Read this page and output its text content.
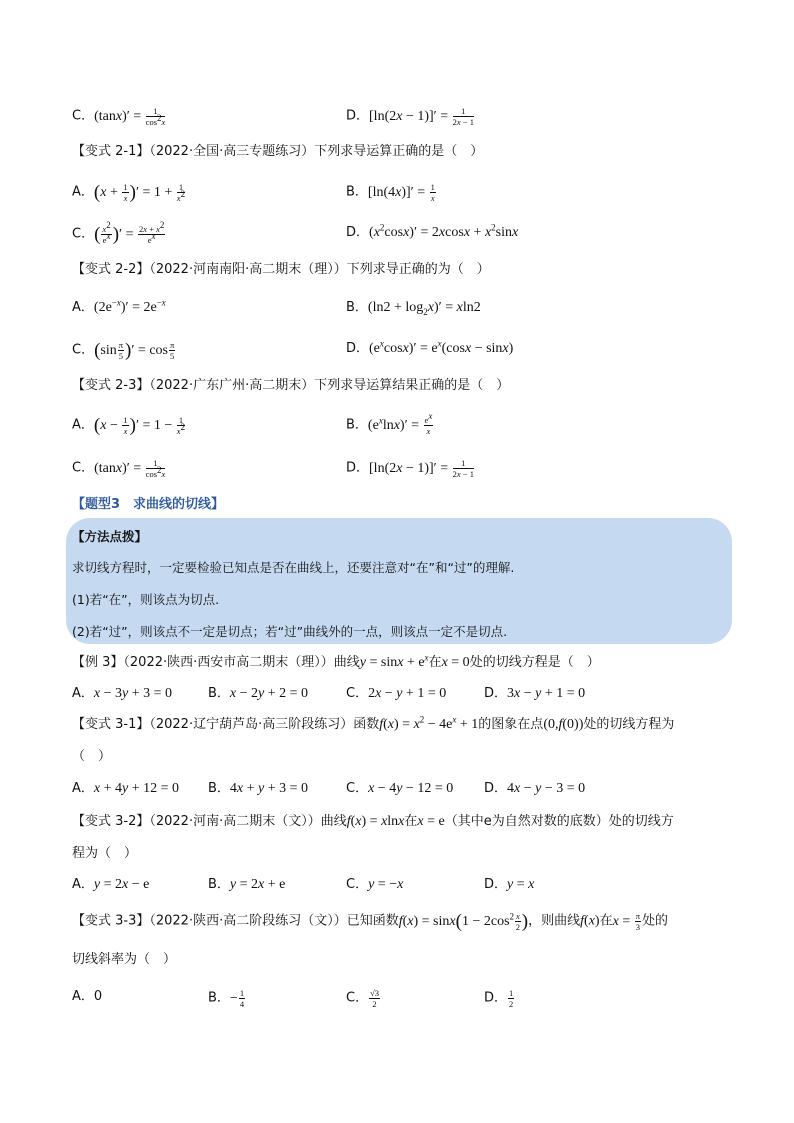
C．$(\tan x)' = \frac{1}{\cos^2x}$	D．$[\ln(2x - 1)]' = \frac{1}{2x - 1}$
【变式 2-1】（2022·全国·高三专题练习）下列求导运算正确的是（　）
A．($x + \frac{1}{x}$ )′ = $1 + \frac{1}{x^2}$	B．$[\ln(4x)]' = \frac{1}{x}$
C．( $\frac{x^2}{e^x}$ )′ = $\frac{2x + x^2}{e^x}$	D．$(x^2\cos x)' = 2xcosx + x^2\sin x$
【变式 2-2】（2022·河南南阳·高二期末（理））下列求导正确的为（　）
A．$(2e^{-x})' = 2e^{-x}$	B．$(\ln 2 + \log_2x)' = xln2$
C．($\sin \frac{\pi}{5}$ )′ = $\cos \frac{\pi}{5}$	D．$(e^x\cos x)' = e^x(\cos x - \sin x)$
【变式 2-3】（2022·广东广州·高二期末）下列求导运算结果正确的是（　）
A．($x - \frac{1}{x}$ )′ = $1 - \frac{1}{x^2}$	B．$(e^x\ln x)' = \frac{e^x}{x}$
C．$(\tan x)' = \frac{1}{\cos^2x}$	D．$[\ln(2x - 1)]' = \frac{1}{2x - 1}$
【题型3　求曲线的切线】
【方法点拨】
求切线方程时，一定要检验已知点是否在曲线上，还要注意对“在”和“过”的理解.
(1)若“在”，则该点为切点.
(2)若“过”，则该点不一定是切点；若“过”曲线外的一点，则该点一定不是切点.
【例 3】（2022·陕西·西安市高二期末（理））曲线$y = \sin x + e^x$在x = 0处的切线方程是（　）
A．x − 3y + 3 = 0	B．x − 2y + 2 = 0	C．2x − y + 1 = 0	D．3x − y + 1 = 0
【变式 3-1】（2022·辽宁葫芦岛·高三阶段练习）函数$f(x) = x^2 - 4e^x + 1$的图象在点(0,f(0))处的切线方程为
（　）
A．x + 4y + 12 = 0 B．4x + y + 3 = 0	C．x − 4y − 12 = 0 D．4x − y − 3 = 0
【变式 3-2】（2022·河南·高二期末（文））曲线f(x) = xlnx在x = e（其中e为自然对数的底数）处的切线方
程为（　）
A．y = 2x − e	B．y = 2x + e	C．y = −x	D．y = x
【变式 3-3】（2022·陕西·高二阶段练习（文））已知函数$f(x) = \sin x(1 - 2\cos^2 \frac{x}{2}$ )，则曲线f(x)在$x = \frac{\pi}{3}$ 处的
切线斜率为（　）
A．0	B．− $\frac{1}{4}$	C． $\frac{√3}{2}$	D． $\frac{1}{2}$
